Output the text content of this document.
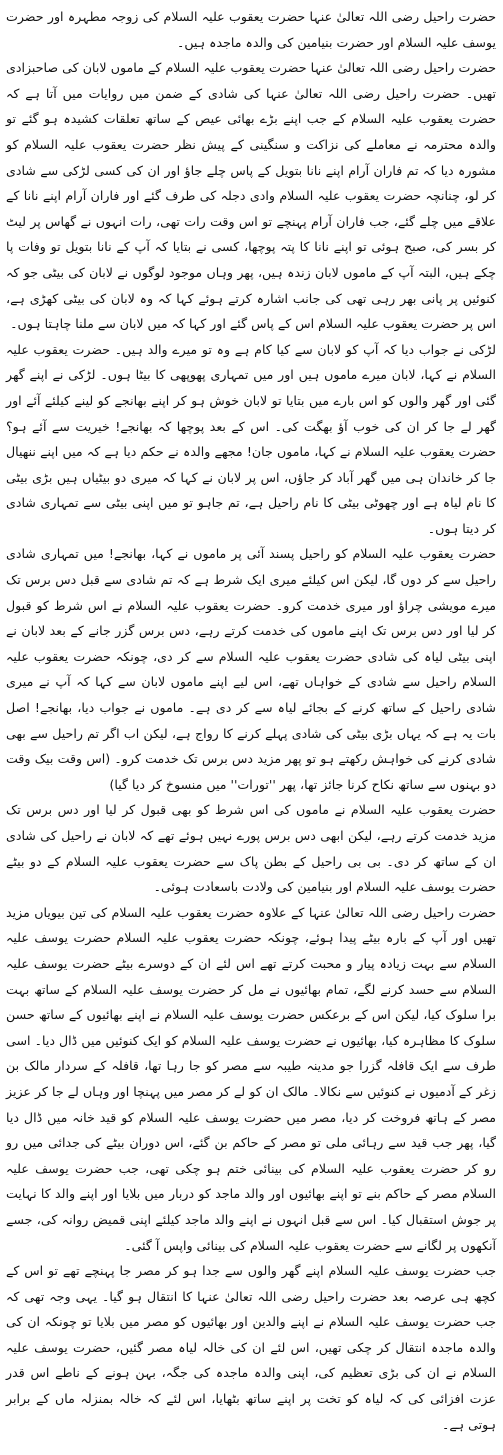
حضرت راحیل رضی اللہ تعالیٰ عنہا حضرت یعقوب علیہ السلام کی زوجہ مطہرہ اور حضرت یوسف علیہ السلام اور حضرت بنیامین کی والدہ ماجدہ ہیں۔

حضرت راحیل رضی اللہ تعالیٰ عنہا حضرت یعقوب علیہ السلام کے ماموں لابان کی صاحبزادی تھیں۔ حضرت راحیل رضی اللہ تعالیٰ عنہا کی شادی کے ضمن میں روایات میں آتا ہے کہ حضرت یعقوب علیہ السلام کے جب اپنے بڑے بھائی عیص کے ساتھ تعلقات کشیدہ ہو گئے تو والدہ محترمہ نے معاملے کی نزاکت و سنگینی کے پیش نظر حضرت یعقوب علیہ السلام کو مشورہ دیا کہ تم فاران آرام اپنے نانا بتویل کے پاس چلے جاؤ اور ان کی کسی لڑکی سے شادی کر لو، چنانچہ حضرت یعقوب علیہ السلام وادی دجلہ کی طرف گئے اور فاران آرام اپنے نانا کے علاقے میں چلے گئے، جب فاران آرام پہنچے تو اس وقت رات تھی، رات انہوں نے گھاس پر لیٹ کر بسر کی، صبح ہوئی تو اپنے نانا کا پتہ پوچھا، کسی نے بتایا کہ آپ کے نانا بتویل تو وفات پا چکے ہیں، البتہ آپ کے ماموں لابان زندہ ہیں، پھر وہاں موجود لوگوں نے لابان کی بیٹی جو کہ کنوئیں پر پانی بھر رہی تھی کی جانب اشارہ کرتے ہوئے کہا کہ وہ لابان کی بیٹی کھڑی ہے، اس پر حضرت یعقوب علیہ السلام اس کے پاس گئے اور کہا کہ میں لابان سے ملنا چاہتا ہوں۔

لڑکی نے جواب دیا کہ آپ کو لابان سے کیا کام ہے وہ تو میرے والد ہیں۔ حضرت یعقوب علیہ السلام نے کہا، لابان میرے ماموں ہیں اور میں تمہاری پھوپھی کا بیٹا ہوں۔ لڑکی نے اپنے گھر گئی اور گھر والوں کو اس بارے میں بتایا تو لابان خوش ہو کر اپنے بھانجے کو لینے کیلئے آئے اور گھر لے جا کر ان کی خوب آؤ بھگت کی۔ اس کے بعد پوچھا کہ بھانجے! خیریت سے آئے ہو؟ حضرت یعقوب علیہ السلام نے کہا، ماموں جان! مجھے والدہ نے حکم دیا ہے کہ میں اپنے ننھیال جا کر خاندان ہی میں گھر آباد کر جاؤں، اس پر لابان نے کہا کہ میری دو بیٹیاں ہیں بڑی بیٹی کا نام لیاہ ہے اور چھوٹی بیٹی کا نام راحیل ہے، تم جاہو تو میں اپنی بیٹی سے تمہاری شادی کر دیتا ہوں۔

حضرت یعقوب علیہ السلام کو راحیل پسند آئی پر ماموں نے کہا، بھانجے! میں تمہاری شادی راحیل سے کر دوں گا، لیکن اس کیلئے میری ایک شرط ہے کہ تم شادی سے قبل دس برس تک میرے مویشی چراؤ اور میری خدمت کرو۔ حضرت یعقوب علیہ السلام نے اس شرط کو قبول کر لیا اور دس برس تک اپنے ماموں کی خدمت کرتے رہے، دس برس گزر جانے کے بعد لابان نے اپنی بیٹی لیاہ کی شادی حضرت یعقوب علیہ السلام سے کر دی، چونکہ حضرت یعقوب علیہ السلام راحیل سے شادی کے خواہاں تھے، اس لیے اپنے ماموں لابان سے کہا کہ آپ نے میری شادی راحیل کے ساتھ کرنے کے بجائے لیاہ سے کر دی ہے۔ ماموں نے جواب دیا، بھانجے! اصل بات یہ ہے کہ یہاں بڑی بیٹی کی شادی پہلے کرنے کا رواج ہے، لیکن اب اگر تم راحیل سے بھی شادی کرنے کی خواہش رکھتے ہو تو پھر مزید دس برس تک خدمت کرو۔ (اس وقت بیک وقت دو بہنوں سے ساتھ نکاح کرنا جائز تھا، پھر ''تورات'' میں منسوخ کر دیا گیا)

حضرت یعقوب علیہ السلام نے ماموں کی اس شرط کو بھی قبول کر لیا اور دس برس تک مزید خدمت کرتے رہے، لیکن ابھی دس برس پورے نہیں ہوئے تھے کہ لابان نے راحیل کی شادی ان کے ساتھ کر دی۔ بی بی راحیل کے بطن پاک سے حضرت یعقوب علیہ السلام کے دو بیٹے حضرت یوسف علیہ السلام اور بنیامین کی ولادت باسعادت ہوئی۔

حضرت راحیل رضی اللہ تعالیٰ عنہا کے علاوہ حضرت یعقوب علیہ السلام کی تین بیویاں مزید تھیں اور آپ کے بارہ بیٹے پیدا ہوئے، چونکہ حضرت یعقوب علیہ السلام حضرت یوسف علیہ السلام سے بہت زیادہ پیار و محبت کرتے تھے اس لئے ان کے دوسرے بیٹے حضرت یوسف علیہ السلام سے حسد کرنے لگے، تمام بھائیوں نے مل کر حضرت یوسف علیہ السلام کے ساتھ بہت برا سلوک کیا، لیکن اس کے برعکس حضرت یوسف علیہ السلام نے اپنے بھائیوں کے ساتھ حسن سلوک کا مظاہرہ کیا، بھائیوں نے حضرت یوسف علیہ السلام کو ایک کنوئیں میں ڈال دیا۔ اسی طرف سے ایک قافلہ گزرا جو مدینہ طیبہ سے مصر کو جا رہا تھا، قافلہ کے سردار مالک بن زغر کے آدمیوں نے کنوئیں سے نکالا۔ مالک ان کو لے کر مصر میں پہنچا اور وہاں لے جا کر عزیز مصر کے ہاتھ فروخت کر دیا، مصر میں حضرت یوسف علیہ السلام کو قید خانہ میں ڈال دیا گیا، پھر جب قید سے رہائی ملی تو مصر کے حاکم بن گئے، اس دوران بیٹے کی جدائی میں رو رو کر حضرت یعقوب علیہ السلام کی بینائی ختم ہو چکی تھی، جب حضرت یوسف علیہ السلام مصر کے حاکم بنے تو اپنے بھائیوں اور والد ماجد کو دربار میں بلایا اور اپنے والد کا نہایت پر جوش استقبال کیا۔ اس سے قبل انہوں نے اپنے والد ماجد کیلئے اپنی قمیض روانہ کی، جسے آنکھوں پر لگانے سے حضرت یعقوب علیہ السلام کی بینائی واپس آ گئی۔

جب حضرت یوسف علیہ السلام اپنے گھر والوں سے جدا ہو کر مصر جا پہنچے تھے تو اس کے کچھ ہی عرصہ بعد حضرت راحیل رضی اللہ تعالیٰ عنہا کا انتقال ہو گیا۔ یہی وجہ تھی کہ جب حضرت یوسف علیہ السلام نے اپنے والدین اور بھائیوں کو مصر میں بلایا تو چونکہ ان کی والدہ ماجدہ انتقال کر چکی تھیں، اس لئے ان کی خالہ لیاہ مصر گئیں، حضرت یوسف علیہ السلام نے ان کی بڑی تعظیم کی، اپنی والدہ ماجدہ کی جگہ، بہن ہونے کے ناطے اس قدر عزت افزائی کی کہ لیاہ کو تخت پر اپنے ساتھ بٹھایا، اس لئے کہ خالہ بمنزلہ ماں کے برابر ہوتی ہے۔
